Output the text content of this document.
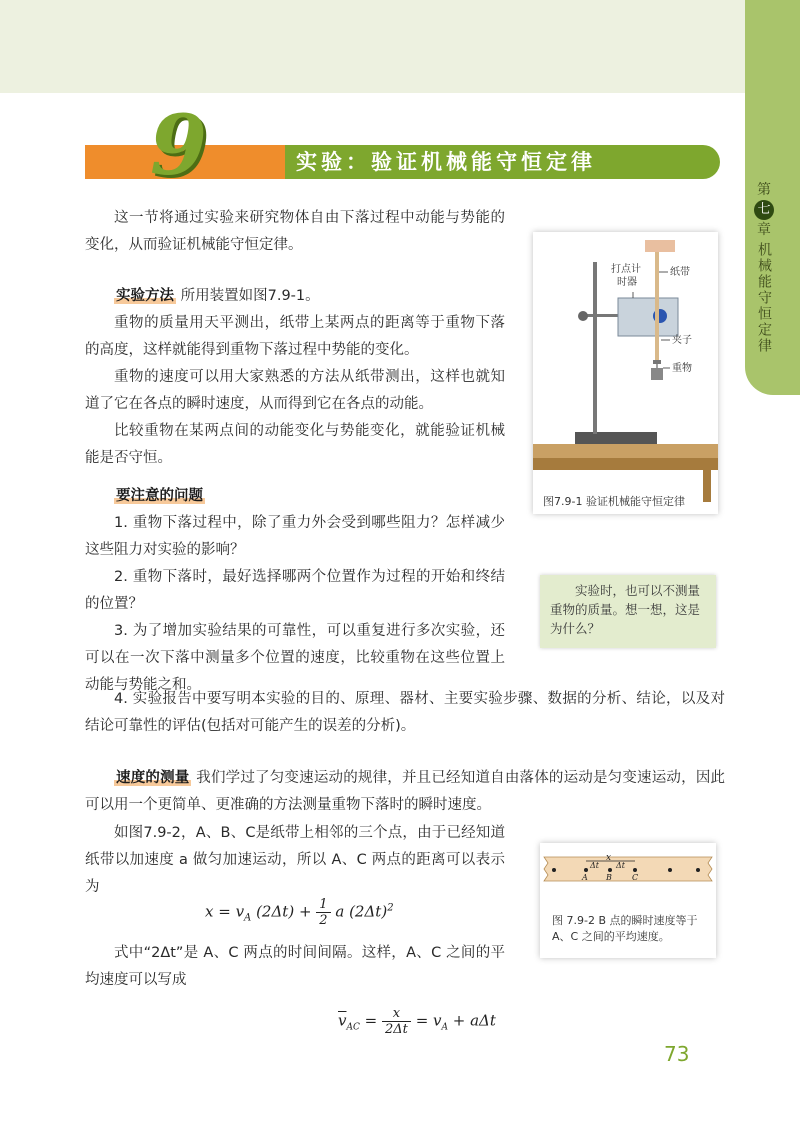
第
七
章
机械能守恒定律
9	实验：验证机械能守恒定律

这一节将通过实验来研究物体自由下落过程中动能与势能的变化，从而验证机械能守恒定律。

实验方法 所用装置如图7.9-1。

重物的质量用天平测出，纸带上某两点的距离等于重物下落的高度，这样就能得到重物下落过程中势能的变化。

重物的速度可以用大家熟悉的方法从纸带测出，这样也就知道了它在各点的瞬时速度，从而得到它在各点的动能。

比较重物在某两点间的动能变化与势能变化，就能验证机械能是否守恒。

要注意的问题

1. 重物下落过程中，除了重力外会受到哪些阻力？怎样减少这些阻力对实验的影响？

2. 重物下落时，最好选择哪两个位置作为过程的开始和终结的位置？

3. 为了增加实验结果的可靠性，可以重复进行多次实验，还可以在一次下落中测量多个位置的速度，比较重物在这些位置上动能与势能之和。

4. 实验报告中要写明本实验的目的、原理、器材、主要实验步骤、数据的分析、结论，以及对结论可靠性的评估(包括对可能产生的误差的分析)。

速度的测量 我们学过了匀变速运动的规律，并且已经知道自由落体的运动是匀变速运动，因此可以用一个更简单、更准确的方法测量重物下落时的瞬时速度。

如图7.9-2，A、B、C是纸带上相邻的三个点，由于已经知道纸带以加速度 a 做匀加速运动，所以 A、C 两点的距离可以表示为

式中“2Δt”是 A、C 两点的时间间隔。这样，A、C 之间的平均速度可以写成

$x = v_A$ $(2\Delta t) + \frac{1}{2}$ a $(2\Delta t)^2$
$\overline{v}_{AC} = \frac{x}{2\Delta t} = v_A + a\Delta t$
打点计
时器
纸带
夹子
重物
图7.9-1 验证机械能守恒定律
实验时，也可以不测量重物的质量。想一想，这是为什么？
x
Δt Δt
A B	C
图 7.9-2 B 点的瞬时速度等于 A、C 之间的平均速度。
73
